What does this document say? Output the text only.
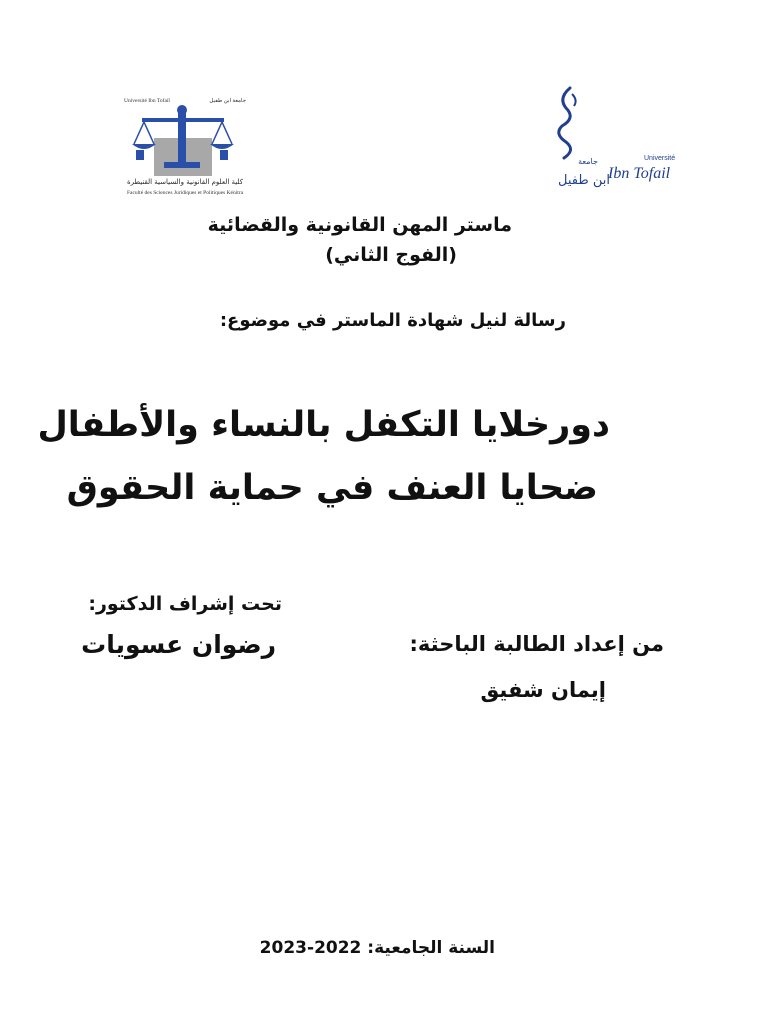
Université Ibn Tofaïl	جامعة ابن طفيل
كلية العلوم القانونية والسياسية القنيطرة
Faculté des Sciences Juridiques et Politiques Kénitra
Université
Ibn Tofail
جامعة
ابن طفيل
ماستر المهن القانونية والقضائية
(الفوج الثاني)
رسالة لنيل شهادة الماستر في موضوع:
دورخلايا التكفل بالنساء والأطفال
ضحايا العنف في حماية الحقوق
تحت إشراف الدكتور:
رضوان عسويات	من إعداد الطالبة الباحثة:
إيمان شفيق
السنة الجامعية: 2022-2023
